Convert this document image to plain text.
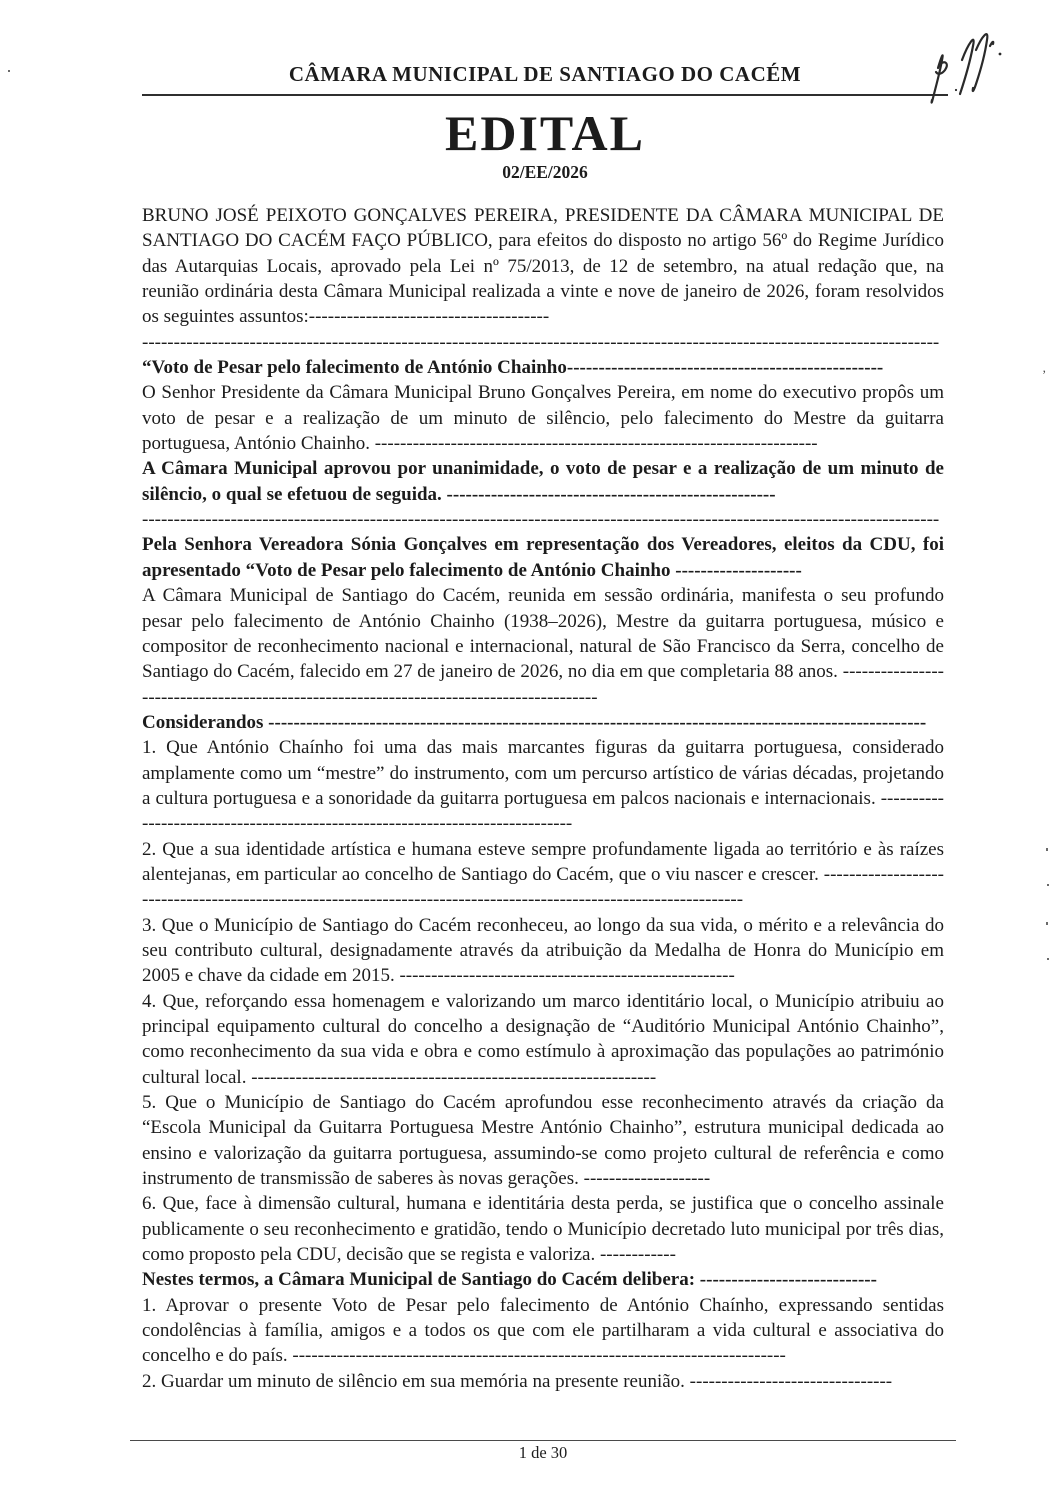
CÂMARA MUNICIPAL DE SANTIAGO DO CACÉM
EDITAL
02/EE/2026

BRUNO JOSÉ PEIXOTO GONÇALVES PEREIRA, PRESIDENTE DA CÂMARA MUNICIPAL DE SANTIAGO DO CACÉM FAÇO PÚBLICO, para efeitos do disposto no artigo 56º do Regime Jurídico das Autarquias Locais, aprovado pela Lei nº 75/2013, de 12 de setembro, na atual redação que, na reunião ordinária desta Câmara Municipal realizada a vinte e nove de janeiro de 2026, foram resolvidos os seguintes assuntos:--------------------------------------

------------------------------------------------------------------------------------------------------------------------------

“Voto de Pesar pelo falecimento de António Chainho--------------------------------------------------

O Senhor Presidente da Câmara Municipal Bruno Gonçalves Pereira, em nome do executivo propôs um voto de pesar e a realização de um minuto de silêncio, pelo falecimento do Mestre da guitarra portuguesa, António Chainho. ----------------------------------------------------------------------

A Câmara Municipal aprovou por unanimidade, o voto de pesar e a realização de um minuto de silêncio, o qual se efetuou de seguida. ----------------------------------------------------

------------------------------------------------------------------------------------------------------------------------------

Pela Senhora Vereadora Sónia Gonçalves em representação dos Vereadores, eleitos da CDU, foi apresentado “Voto de Pesar pelo falecimento de António Chainho --------------------

A Câmara Municipal de Santiago do Cacém, reunida em sessão ordinária, manifesta o seu profundo pesar pelo falecimento de António Chainho (1938–2026), Mestre da guitarra portuguesa, músico e compositor de reconhecimento nacional e internacional, natural de São Francisco da Serra, concelho de Santiago do Cacém, falecido em 27 de janeiro de 2026, no dia em que completaria 88 anos. ----------------------------------------------------------------------------------------

Considerandos --------------------------------------------------------------------------------------------------------

1. Que António Chaínho foi uma das mais marcantes figuras da guitarra portuguesa, considerado amplamente como um “mestre” do instrumento, com um percurso artístico de várias décadas, projetando a cultura portuguesa e a sonoridade da guitarra portuguesa em palcos nacionais e internacionais. ------------------------------------------------------------------------------

2. Que a sua identidade artística e humana esteve sempre profundamente ligada ao território e às raízes alentejanas, em particular ao concelho de Santiago do Cacém, que o viu nascer e crescer. ------------------------------------------------------------------------------------------------------------------

3. Que o Município de Santiago do Cacém reconheceu, ao longo da sua vida, o mérito e a relevância do seu contributo cultural, designadamente através da atribuição da Medalha de Honra do Município em 2005 e chave da cidade em 2015. -----------------------------------------------------

4. Que, reforçando essa homenagem e valorizando um marco identitário local, o Município atribuiu ao principal equipamento cultural do concelho a designação de “Auditório Municipal António Chainho”, como reconhecimento da sua vida e obra e como estímulo à aproximação das populações ao património cultural local. ----------------------------------------------------------------

5. Que o Município de Santiago do Cacém aprofundou esse reconhecimento através da criação da “Escola Municipal da Guitarra Portuguesa Mestre António Chainho”, estrutura municipal dedicada ao ensino e valorização da guitarra portuguesa, assumindo-se como projeto cultural de referência e como instrumento de transmissão de saberes às novas gerações. --------------------

6. Que, face à dimensão cultural, humana e identitária desta perda, se justifica que o concelho assinale publicamente o seu reconhecimento e gratidão, tendo o Município decretado luto municipal por três dias, como proposto pela CDU, decisão que se regista e valoriza. ------------

Nestes termos, a Câmara Municipal de Santiago do Cacém delibera: ----------------------------

1. Aprovar o presente Voto de Pesar pelo falecimento de António Chaínho, expressando sentidas condolências à família, amigos e a todos os que com ele partilharam a vida cultural e associativa do concelho e do país. ------------------------------------------------------------------------------

2. Guardar um minuto de silêncio em sua memória na presente reunião. --------------------------------

1 de 30
ʼ
